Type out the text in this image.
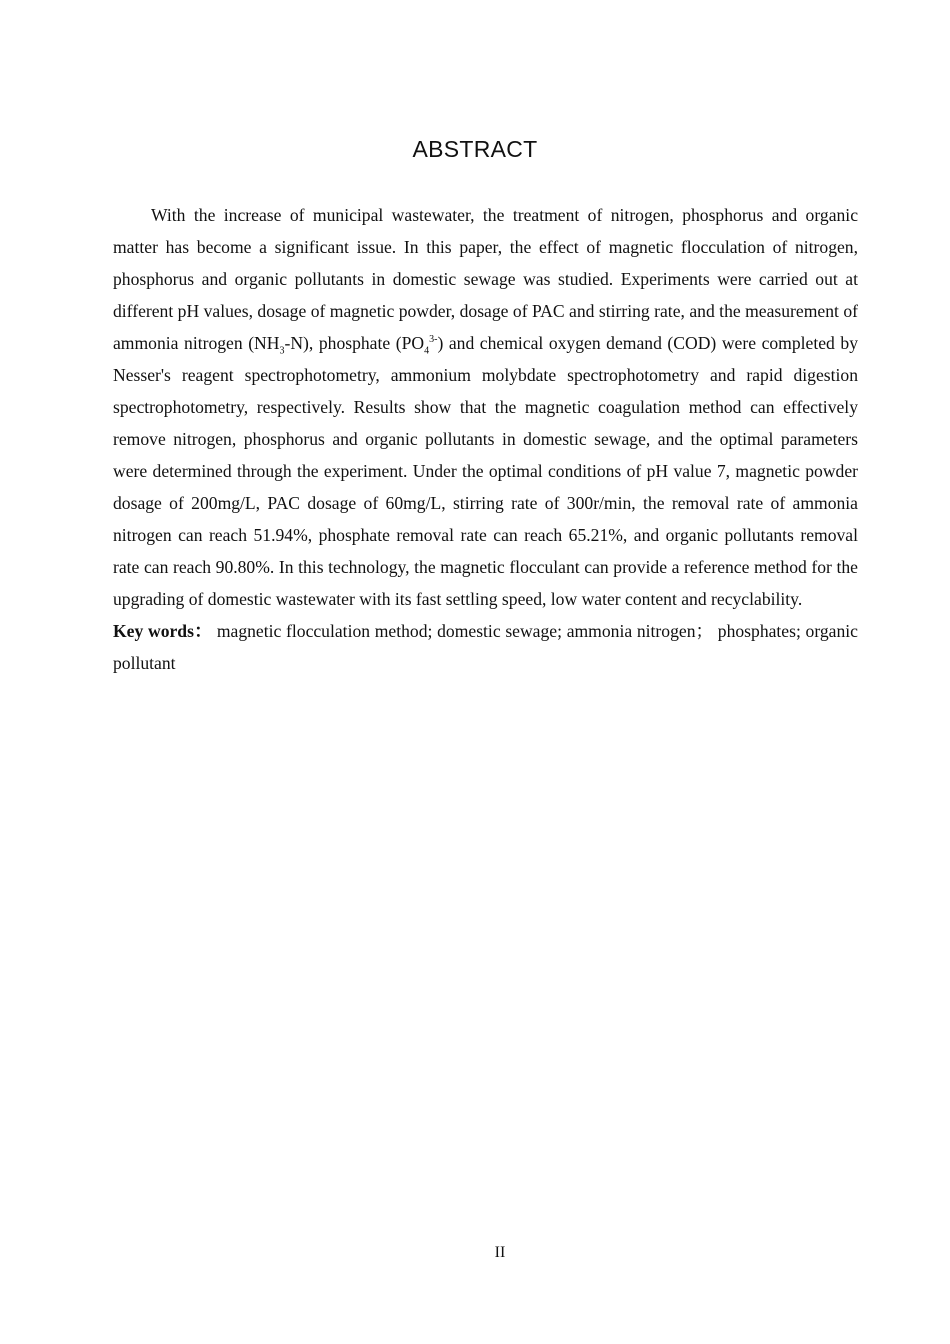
ABSTRACT

With the increase of municipal wastewater, the treatment of nitrogen, phosphorus and organic matter has become a significant issue. In this paper, the effect of magnetic flocculation of nitrogen, phosphorus and organic pollutants in domestic sewage was studied. Experiments were carried out at different pH values, dosage of magnetic powder, dosage of PAC and stirring rate, and the measurement of ammonia nitrogen $(NH_3-N)$, phosphate $(PO_4^{3-})$ and chemical oxygen demand (COD) were completed by Nesser's reagent spectrophotometry, ammonium molybdate spectrophotometry and rapid digestion spectrophotometry, respectively. Results show that the magnetic coagulation method can effectively remove nitrogen, phosphorus and organic pollutants in domestic sewage, and the optimal parameters were determined through the experiment. Under the optimal conditions of pH value 7, magnetic powder dosage of 200mg/L, PAC dosage of 60mg/L, stirring rate of 300r/min, the removal rate of ammonia nitrogen can reach 51.94%, phosphate removal rate can reach 65.21%, and organic pollutants removal rate can reach 90.80%. In this technology, the magnetic flocculant can provide a reference method for the upgrading of domestic wastewater with its fast settling speed, low water content and recyclability.

Key words： magnetic flocculation method; domestic sewage; ammonia nitrogen； phosphates; organic pollutant

II
